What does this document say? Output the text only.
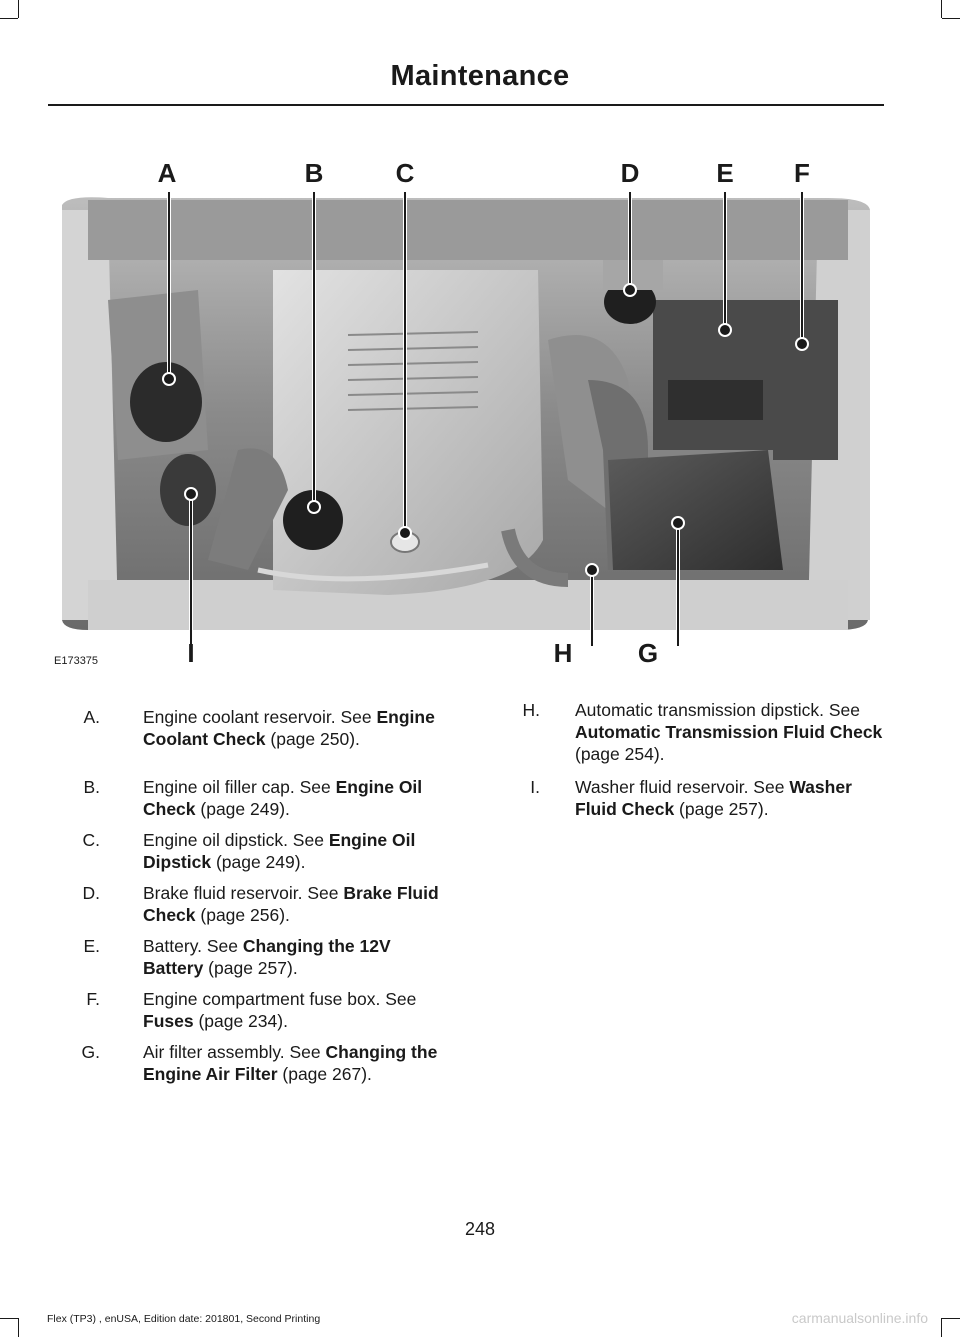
Maintenance
A	B	C	D	E	F
I	H	G
E173375
A. Engine coolant reservoir. See Engine Coolant Check (page 250).
B. Engine oil filler cap. See Engine Oil Check (page 249).
C. Engine oil dipstick. See Engine Oil Dipstick (page 249).
D. Brake fluid reservoir. See Brake Fluid Check (page 256).
E. Battery. See Changing the 12V Battery (page 257).
F. Engine compartment fuse box. See Fuses (page 234).
G. Air filter assembly. See Changing the Engine Air Filter (page 267).
H. Automatic transmission dipstick. See Automatic Transmission Fluid Check (page 254).
I. Washer fluid reservoir. See Washer Fluid Check (page 257).
248
Flex (TP3) , enUSA, Edition date: 201801, Second Printing	carmanualsonline.info
